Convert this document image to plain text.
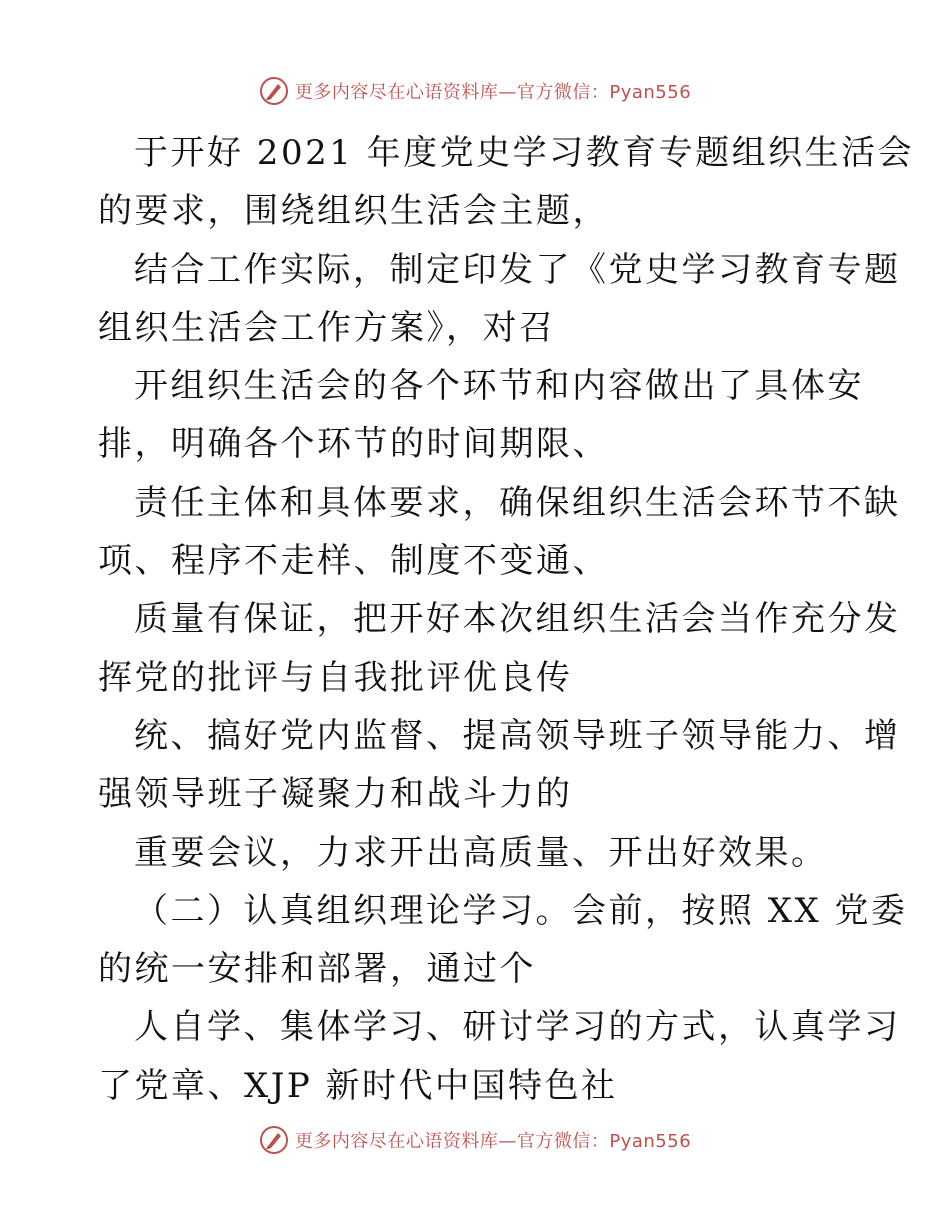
更多内容尽在心语资料库—官方微信：Pyan556
于开好 2021 年度党史学习教育专题组织生活会
的要求，围绕组织生活会主题，
结合工作实际，制定印发了《党史学习教育专题
组织生活会工作方案》，对召
开组织生活会的各个环节和内容做出了具体安
排，明确各个环节的时间期限、
责任主体和具体要求，确保组织生活会环节不缺
项、程序不走样、制度不变通、
质量有保证，把开好本次组织生活会当作充分发
挥党的批评与自我批评优良传
统、搞好党内监督、提高领导班子领导能力、增
强领导班子凝聚力和战斗力的
重要会议，力求开出高质量、开出好效果。
（二）认真组织理论学习。会前，按照 XX 党委
的统一安排和部署，通过个
人自学、集体学习、研讨学习的方式，认真学习
了党章、XJP 新时代中国特色社
更多内容尽在心语资料库—官方微信：Pyan556
